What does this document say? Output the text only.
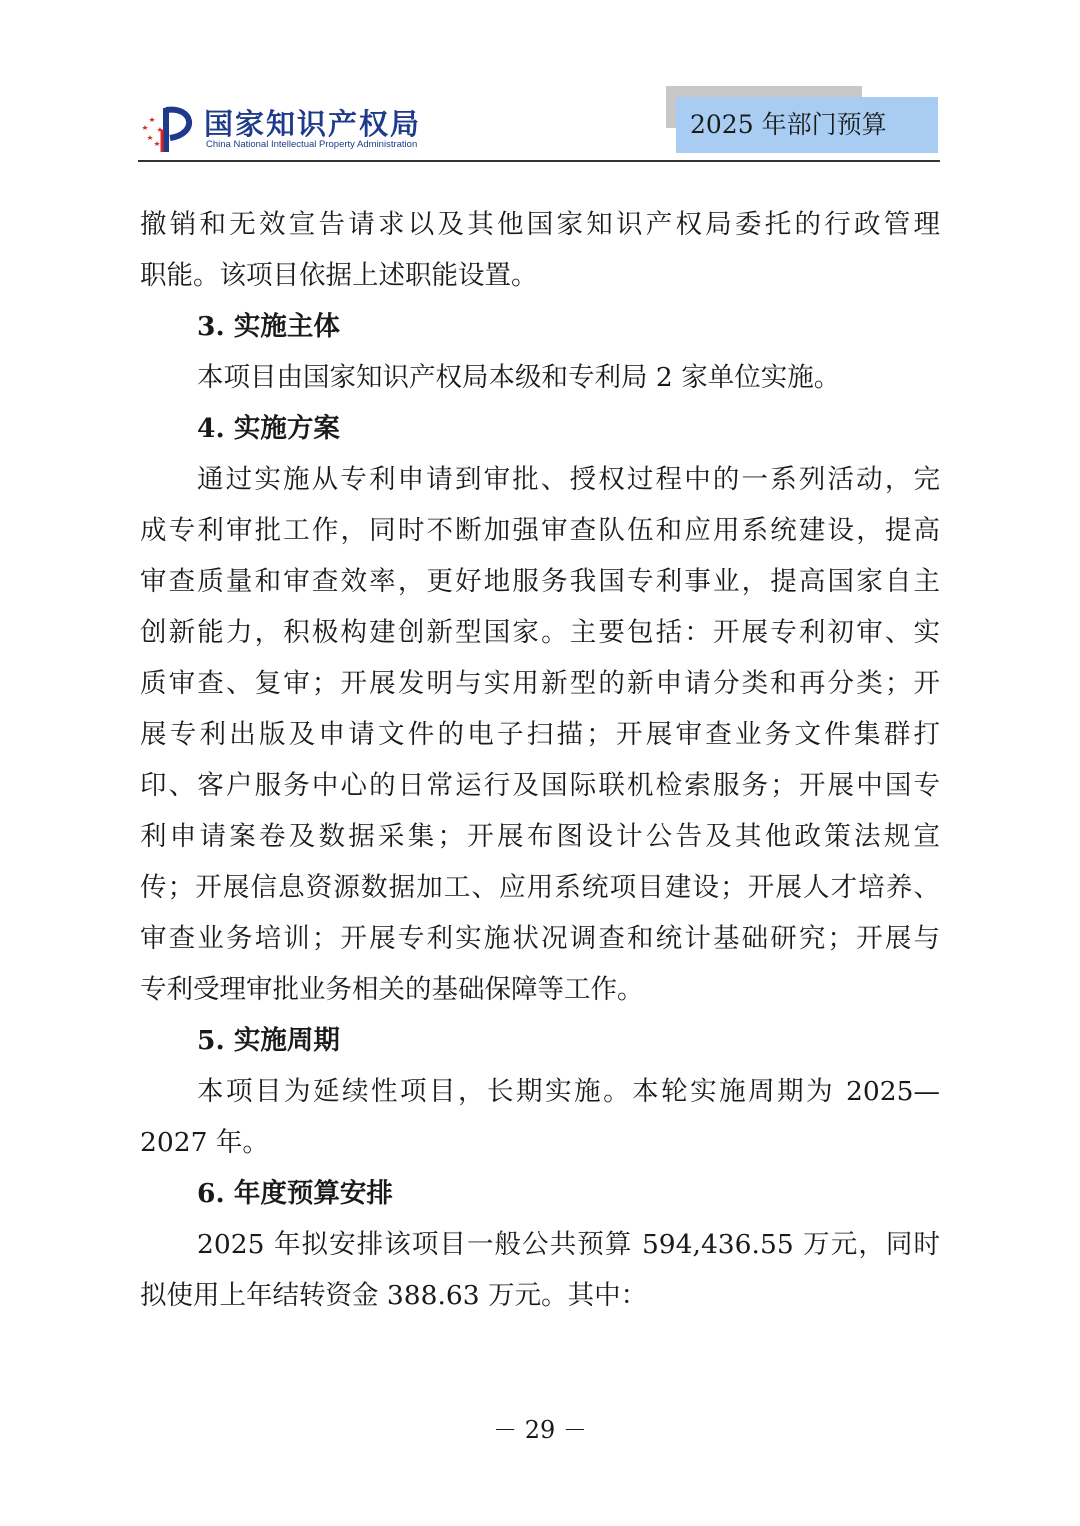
国家知识产权局
China National Intellectual Property Administration
2025 年部门预算
撤销和无效宣告请求以及其他国家知识产权局委托的行政管理
职能。该项目依据上述职能设置。
3. 实施主体
本项目由国家知识产权局本级和专利局 2 家单位实施。
4. 实施方案
通过实施从专利申请到审批、授权过程中的一系列活动，完
成专利审批工作，同时不断加强审查队伍和应用系统建设，提高
审查质量和审查效率，更好地服务我国专利事业，提高国家自主
创新能力，积极构建创新型国家。主要包括：开展专利初审、实
质审查、复审；开展发明与实用新型的新申请分类和再分类；开
展专利出版及申请文件的电子扫描；开展审查业务文件集群打
印、客户服务中心的日常运行及国际联机检索服务；开展中国专
利申请案卷及数据采集；开展布图设计公告及其他政策法规宣
传；开展信息资源数据加工、应用系统项目建设；开展人才培养、
审查业务培训；开展专利实施状况调查和统计基础研究；开展与
专利受理审批业务相关的基础保障等工作。
5. 实施周期
本项目为延续性项目，长期实施。本轮实施周期为 2025—
2027 年。
6. 年度预算安排
2025 年拟安排该项目一般公共预算 594,436.55 万元，同时
拟使用上年结转资金 388.63 万元。其中：
－ 29 －
